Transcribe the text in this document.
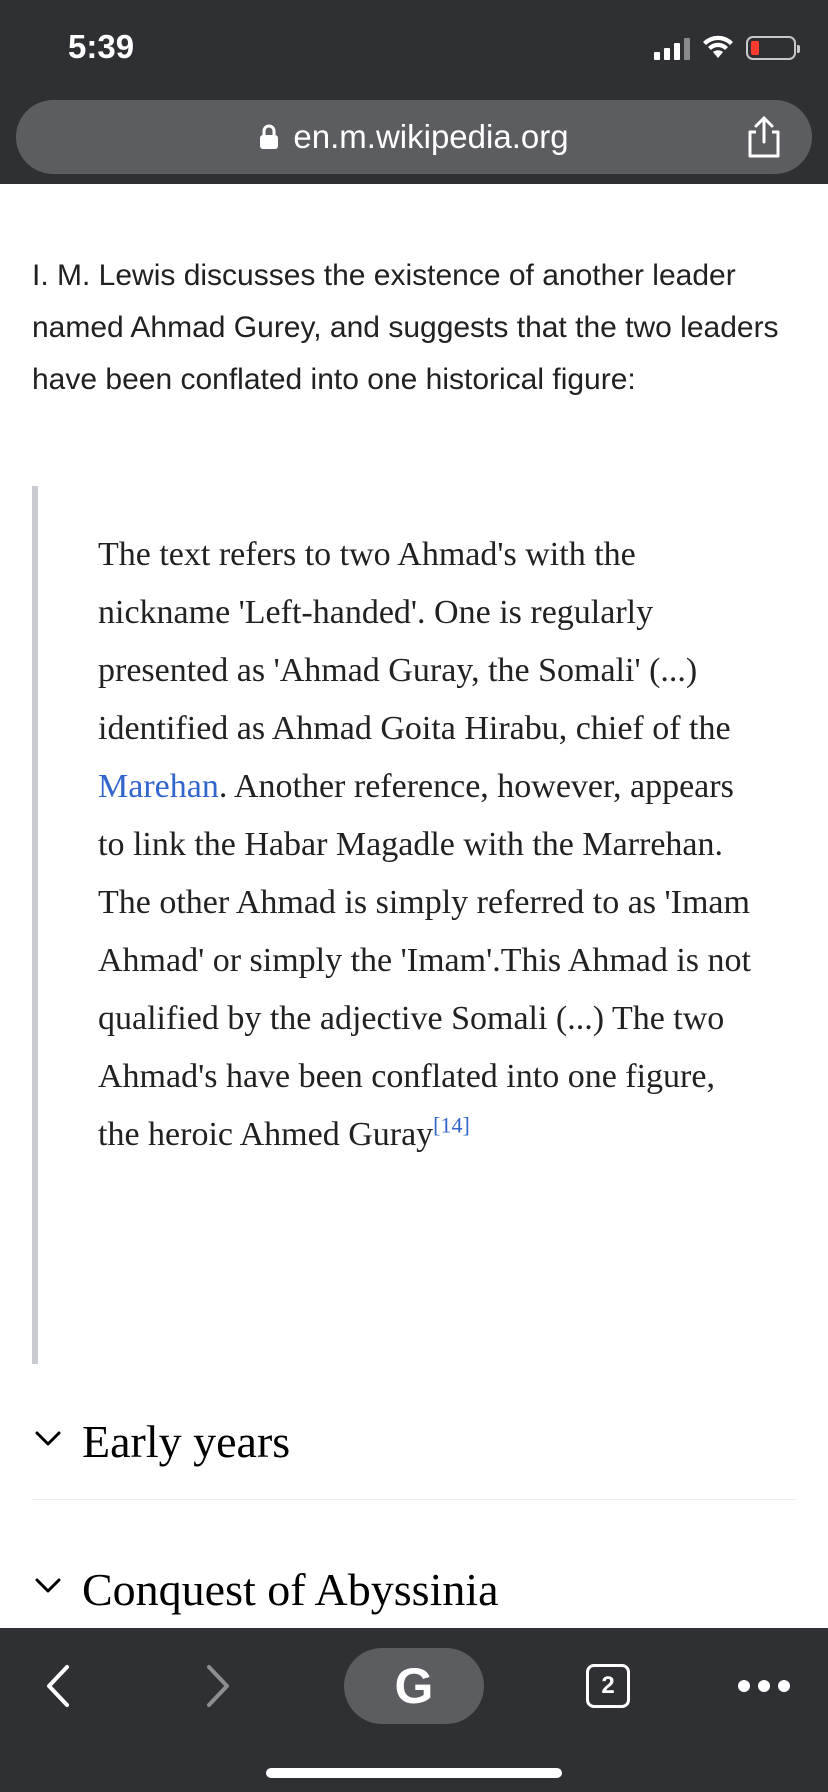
5:39
en.m.wikipedia.org

I. M. Lewis discusses the existence of another leader named Ahmad Gurey, and suggests that the two leaders have been conflated into one historical figure:

The text refers to two Ahmad's with the nickname 'Left-handed'. One is regularly presented as 'Ahmad Guray, the Somali' (...) identified as Ahmad Goita Hirabu, chief of the Marehan. Another reference, however, appears to link the Habar Magadle with the Marrehan. The other Ahmad is simply referred to as 'Imam Ahmad' or simply the 'Imam'.This Ahmad is not qualified by the adjective Somali (...) The two Ahmad's have been conflated into one figure, the heroic Ahmed Guray[14]

Early years
Conquest of Abyssinia
G	2
